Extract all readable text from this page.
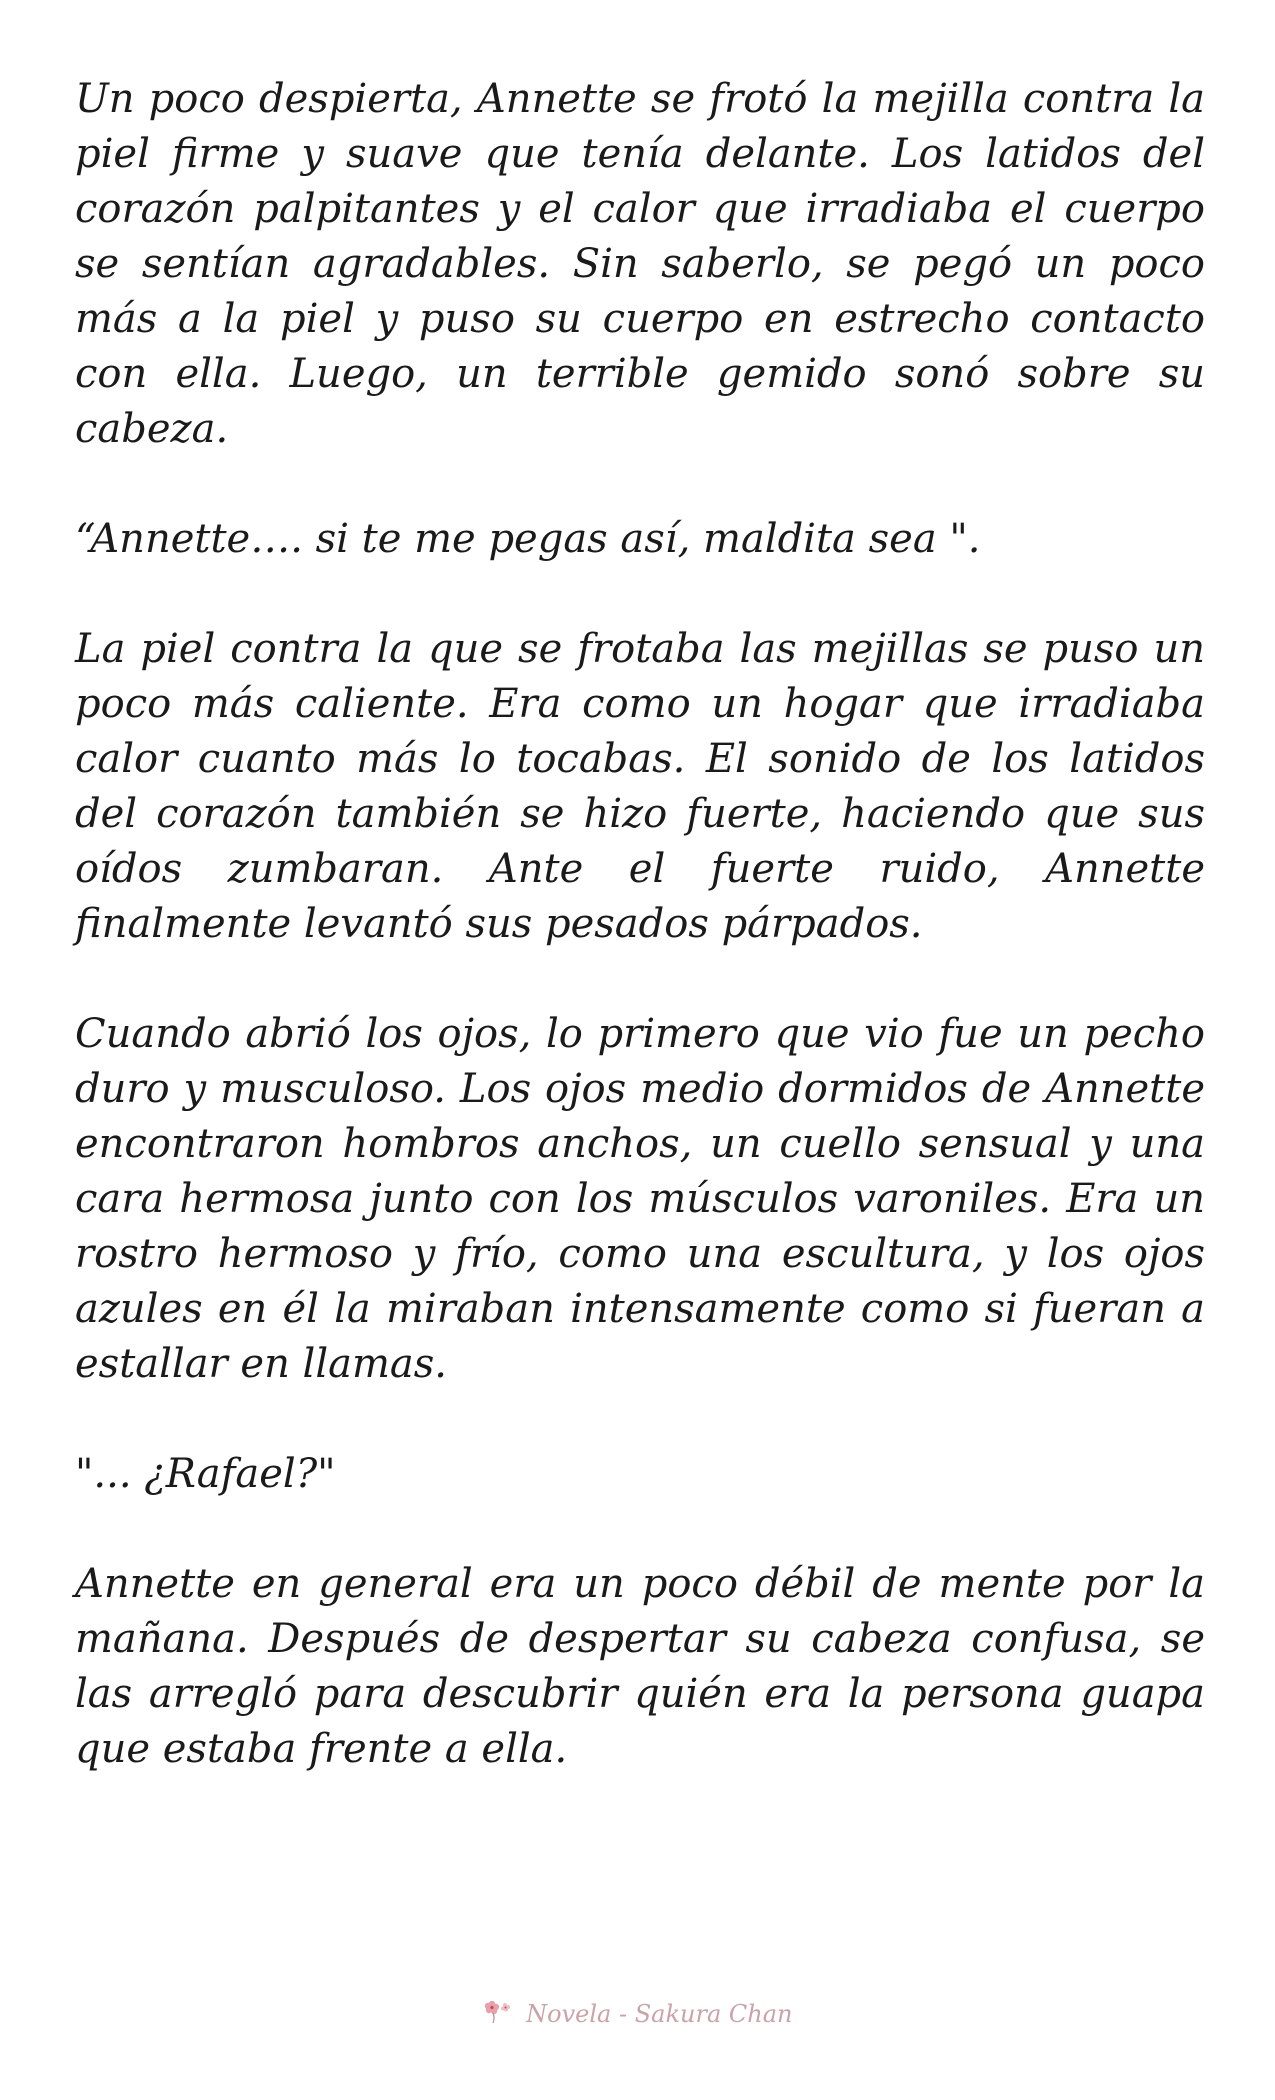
Un poco despierta, Annette se frotó la mejilla contra la piel firme y suave que tenía delante. Los latidos del corazón palpitantes y el calor que irradiaba el cuerpo se sentían agradables. Sin saberlo, se pegó un poco más a la piel y puso su cuerpo en estrecho contacto con ella. Luego, un terrible gemido sonó sobre su cabeza.

“Annette…. si te me pegas así, maldita sea ".

La piel contra la que se frotaba las mejillas se puso un poco más caliente. Era como un hogar que irradiaba calor cuanto más lo tocabas. El sonido de los latidos del corazón también se hizo fuerte, haciendo que sus oídos zumbaran. Ante el fuerte ruido, Annette finalmente levantó sus pesados párpados.

Cuando abrió los ojos, lo primero que vio fue un pecho duro y musculoso. Los ojos medio dormidos de Annette encontraron hombros anchos, un cuello sensual y una cara hermosa junto con los músculos varoniles. Era un rostro hermoso y frío, como una escultura, y los ojos azules en él la miraban intensamente como si fueran a estallar en llamas.

"... ¿Rafael?"

Annette en general era un poco débil de mente por la mañana. Después de despertar su cabeza confusa, se las arregló para descubrir quién era la persona guapa que estaba frente a ella.

Novela - Sakura Chan
